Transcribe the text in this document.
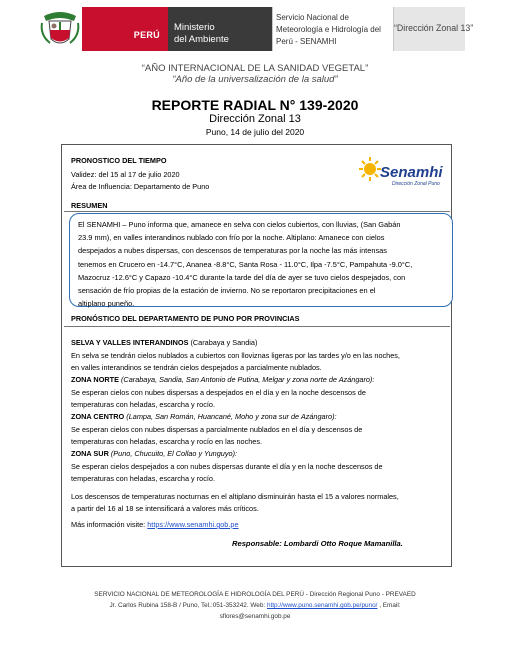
PERÚ
Ministerio
del Ambiente
Servicio Nacional de
Meteorología e Hidrología del
Perú - SENAMHI
“Dirección Zonal 13”
“AÑO INTERNACIONAL DE LA SANIDAD VEGETAL”
“Año de la universalización de la salud”
REPORTE RADIAL N° 139-2020
Dirección Zonal 13
Puno, 14 de julio del 2020
PRONOSTICO DEL TIEMPO
Validez: del 15 al 17 de julio 2020
Área de Influencia: Departamento de Puno
Senamhi
Dirección Zonal Puno
RESUMEN
El SENAMHI – Puno informa que, amanece en selva con cielos cubiertos, con lluvias, (San Gabán
23.9 mm), en valles interandinos nublado con frío por la noche. Altiplano: Amanece con cielos
despejados a nubes dispersas, con descensos de temperaturas por la noche las más intensas
tenemos en Crucero en -14.7°C, Ananea -8.8°C, Santa Rosa - 11.0°C, Ilpa -7.5°C, Pampahuta -9.0°C,
Mazocruz -12.6°C y Capazo -10.4°C durante la tarde del día de ayer se tuvo cielos despejados, con
sensación de frío propias de la estación de invierno. No se reportaron precipitaciones en el
altiplano puneño.
PRONÓSTICO DEL DEPARTAMENTO DE PUNO POR PROVINCIAS
SELVA Y VALLES INTERANDINOS (Carabaya y Sandia)
En selva se tendrán cielos nublados a cubiertos con lloviznas ligeras por las tardes y/o en las noches,
en valles interandinos se tendrán cielos despejados a parcialmente nublados.
ZONA NORTE (Carabaya, Sandia, San Antonio de Putina, Melgar y zona norte de Azángaro):
Se esperan cielos con nubes dispersas a despejados en el día y en la noche descensos de
temperaturas con heladas, escarcha y rocío.
ZONA CENTRO (Lampa, San Román, Huancané, Moho y zona sur de Azángaro):
Se esperan cielos con nubes dispersas a parcialmente nublados en el día y descensos de
temperaturas con heladas, escarcha y rocío en las noches.
ZONA SUR (Puno, Chucuito, El Collao y Yunguyo):
Se esperan cielos despejados a con nubes dispersas durante el día y en la noche descensos de
temperaturas con heladas, escarcha y rocío.
Los descensos de temperaturas nocturnas en el altiplano disminuirán hasta el 15 a valores normales,
a partir del 16 al 18 se intensificará a valores más críticos.
Más información visite: https://www.senamhi.gob.pe
Responsable: Lombardi Otto Roque Mamanilla.
SERVICIO NACIONAL DE METEOROLOGÍA E HIDROLOGÍA DEL PERÚ - Dirección Regional Puno - PREVAED
Jr. Carlos Rubina 158-B / Puno, Tel.:051-353242. Web: http://www.puno.senamhi.gob.pe/puno/ , Email:
sflores@senamhi.gob.pe
